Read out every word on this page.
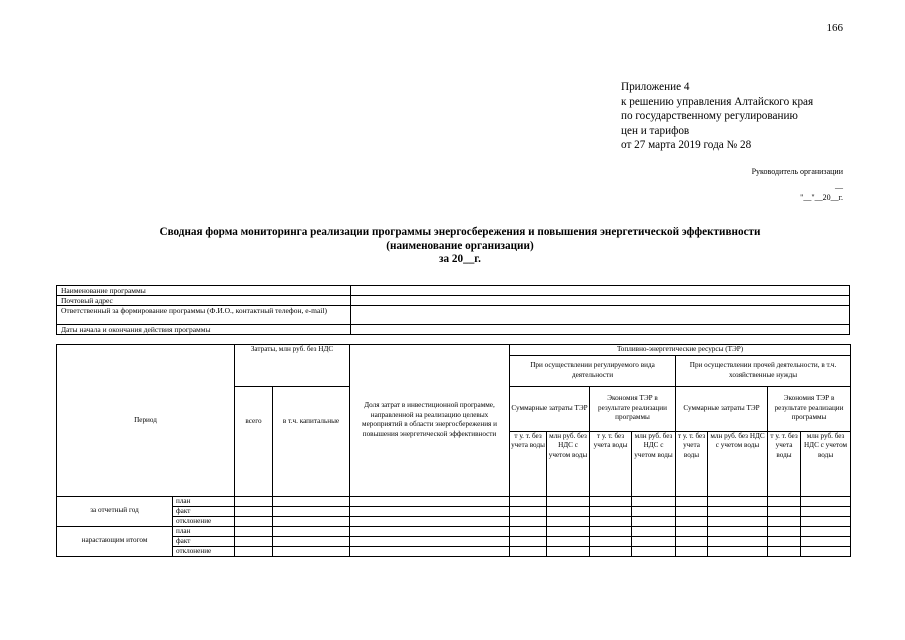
166
Приложение 4
к решению управления Алтайского края
по государственному регулированию
цен и тарифов
от 27 марта 2019 года № 28
Руководитель организации
—
"__"__20__г.
Сводная форма мониторинга реализации программы энергосбережения и повышения энергетической эффективности
(наименование организации)
за 20__г.
Наименование программы	
Почтовый адрес	
Ответственный за формирование программы (Ф.И.О., контактный телефон, e-mail)	
Даты начала и окончания действия программы	
Период		Затраты, млн руб. без НДС		Доля затрат в инвестиционной программе, направленной на реализацию целевых мероприятий в области энергосбережения и повышения энергетической эффективности	Топливно-энергетические ресурсы (ТЭР)							
					При осуществлении регулируемого вида деятельности				При осуществлении прочей деятельности, в т.ч. хозяйственные нужды			
		всего	в т.ч. капитальные		Суммарные затраты ТЭР		Экономия ТЭР в результате реализации программы		Суммарные затраты ТЭР		Экономия ТЭР в результате реализации программы	
					т у. т. без учета воды	млн руб. без НДС с учетом воды	т у. т. без учета воды	млн руб. без НДС с учетом воды	т у. т. без учета воды	млн руб. без НДС с учетом воды	т у. т. без учета воды	млн руб. без НДС с учетом воды
за отчетный год	план											
	факт											
	отклонение											
нарастающим итогом	план											
	факт											
	отклонение											
